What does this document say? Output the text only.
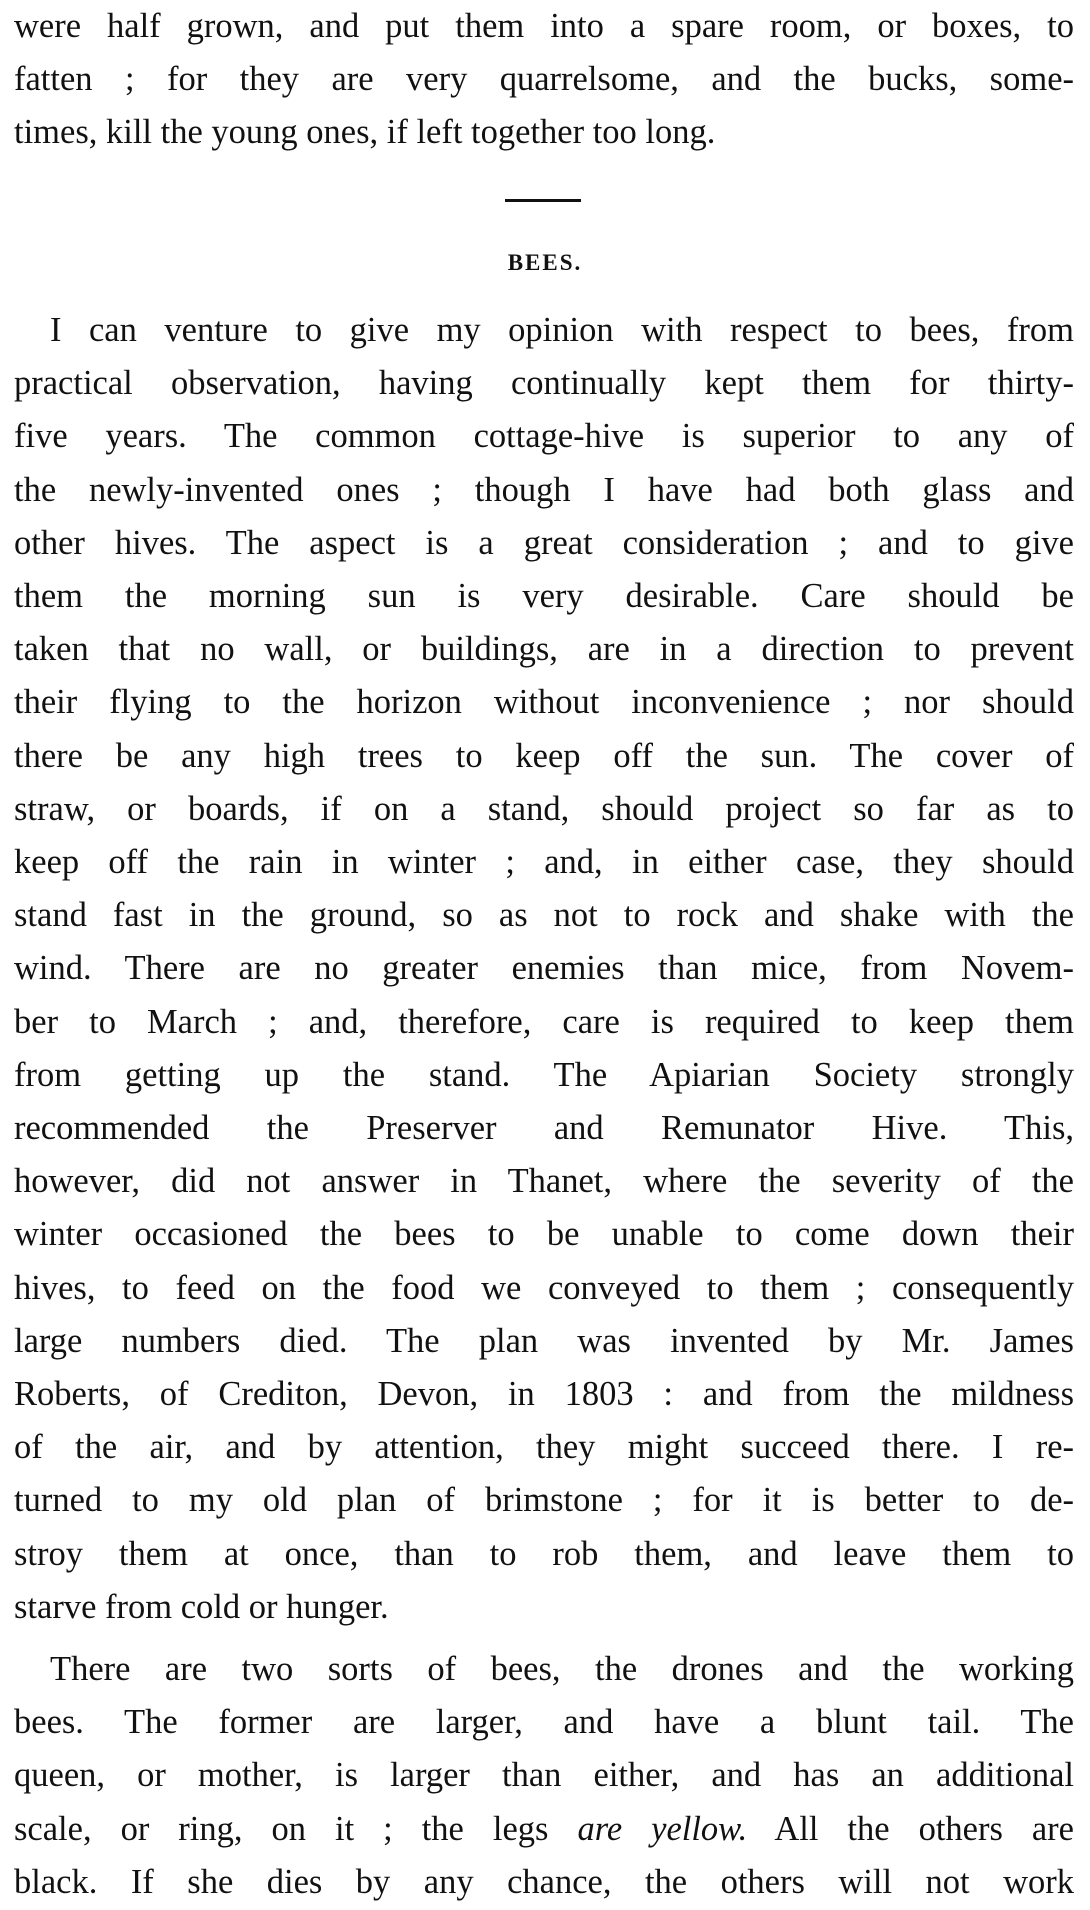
were half grown, and put them into a spare room, or boxes, to
fatten ; for they are very quarrelsome, and the bucks, some-
times, kill the young ones, if left together too long.
BEES.
I can venture to give my opinion with respect to bees, from
practical observation, having continually kept them for thirty-
five years. The common cottage-hive is superior to any of
the newly-invented ones ; though I have had both glass and
other hives. The aspect is a great consideration ; and to give
them the morning sun is very desirable. Care should be
taken that no wall, or buildings, are in a direction to prevent
their flying to the horizon without inconvenience ; nor should
there be any high trees to keep off the sun. The cover of
straw, or boards, if on a stand, should project so far as to
keep off the rain in winter ; and, in either case, they should
stand fast in the ground, so as not to rock and shake with the
wind. There are no greater enemies than mice, from Novem-
ber to March ; and, therefore, care is required to keep them
from getting up the stand. The Apiarian Society strongly
recommended the Preserver and Remunator Hive. This,
however, did not answer in Thanet, where the severity of the
winter occasioned the bees to be unable to come down their
hives, to feed on the food we conveyed to them ; consequently
large numbers died. The plan was invented by Mr. James
Roberts, of Crediton, Devon, in 1803 : and from the mildness
of the air, and by attention, they might succeed there. I re-
turned to my old plan of brimstone ; for it is better to de-
stroy them at once, than to rob them, and leave them to
starve from cold or hunger.
There are two sorts of bees, the drones and the working
bees. The former are larger, and have a blunt tail. The
queen, or mother, is larger than either, and has an additional
scale, or ring, on it ; the legs are yellow. All the others are
black. If she dies by any chance, the others will not work
